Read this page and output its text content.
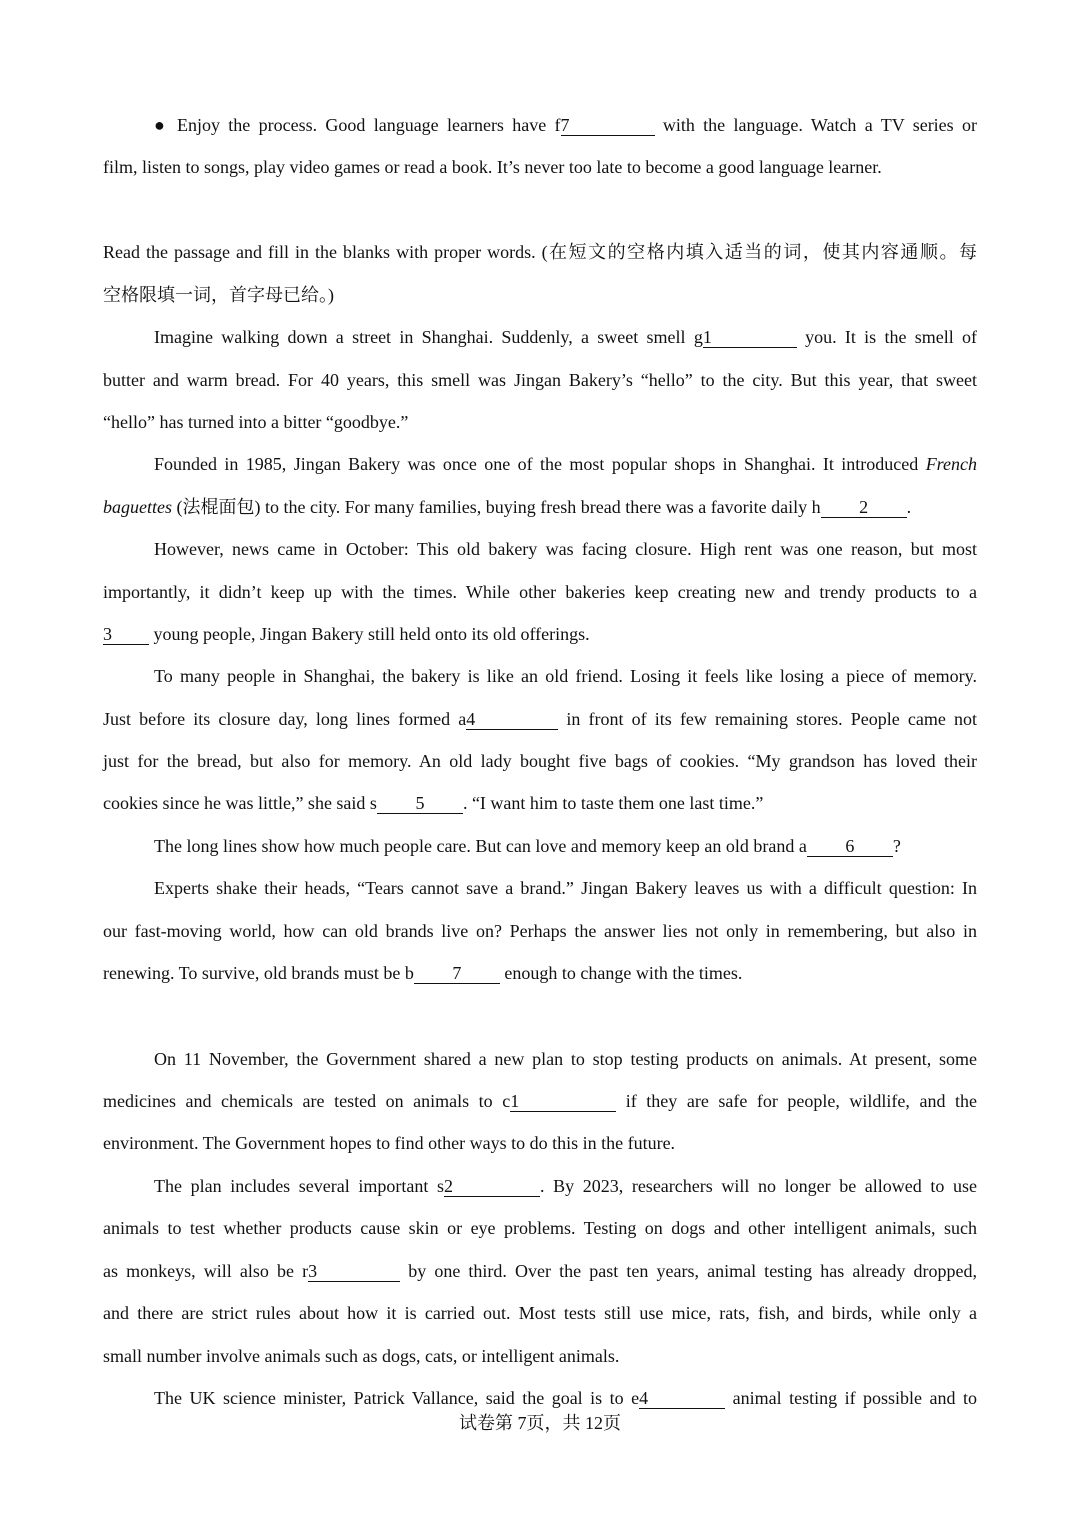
● Enjoy the process. Good language learners have f7	with the language. Watch a TV series or
film, listen to songs, play video games or read a book. It’s never too late to become a good language learner.
Read the passage and fill in the blanks with proper words. (在短文的空格内填入适当的词，使其内容通顺。每
空格限填一词，首字母已给。)
Imagine walking down a street in Shanghai. Suddenly, a sweet smell g1	you. It is the smell of
butter and warm bread. For 40 years, this smell was Jingan Bakery’s “hello” to the city. But this year, that sweet
“hello” has turned into a bitter “goodbye.”
Founded in 1985, Jingan Bakery was once one of the most popular shops in Shanghai. It introduced French
baguettes (法棍面包) to the city. For many families, buying fresh bread there was a favorite daily h 2 .
However, news came in October: This old bakery was facing closure. High rent was one reason, but most
importantly, it didn’t keep up with the times. While other bakeries keep creating new and trendy products to a
3 young people, Jingan Bakery still held onto its old offerings.
To many people in Shanghai, the bakery is like an old friend. Losing it feels like losing a piece of memory.
Just before its closure day, long lines formed a4	in front of its few remaining stores. People came not
just for the bread, but also for memory. An old lady bought five bags of cookies. “My grandson has loved their
cookies since he was little,” she said s 5 . “I want him to taste them one last time.”
The long lines show how much people care. But can love and memory keep an old brand a 6 ?
Experts shake their heads, “Tears cannot save a brand.” Jingan Bakery leaves us with a difficult question: In
our fast-moving world, how can old brands live on? Perhaps the answer lies not only in remembering, but also in
renewing. To survive, old brands must be b 7 enough to change with the times.
On 11 November, the Government shared a new plan to stop testing products on animals. At present, some
medicines and chemicals are tested on animals to c1	if they are safe for people, wildlife, and the
environment. The Government hopes to find other ways to do this in the future.
The plan includes several important s2	. By 2023, researchers will no longer be allowed to use
animals to test whether products cause skin or eye problems. Testing on dogs and other intelligent animals, such
as monkeys, will also be r3	by one third. Over the past ten years, animal testing has already dropped,
and there are strict rules about how it is carried out. Most tests still use mice, rats, fish, and birds, while only a
small number involve animals such as dogs, cats, or intelligent animals.
The UK science minister, Patrick Vallance, said the goal is to e4	animal testing if possible and to
试卷第 7页，共 12页
